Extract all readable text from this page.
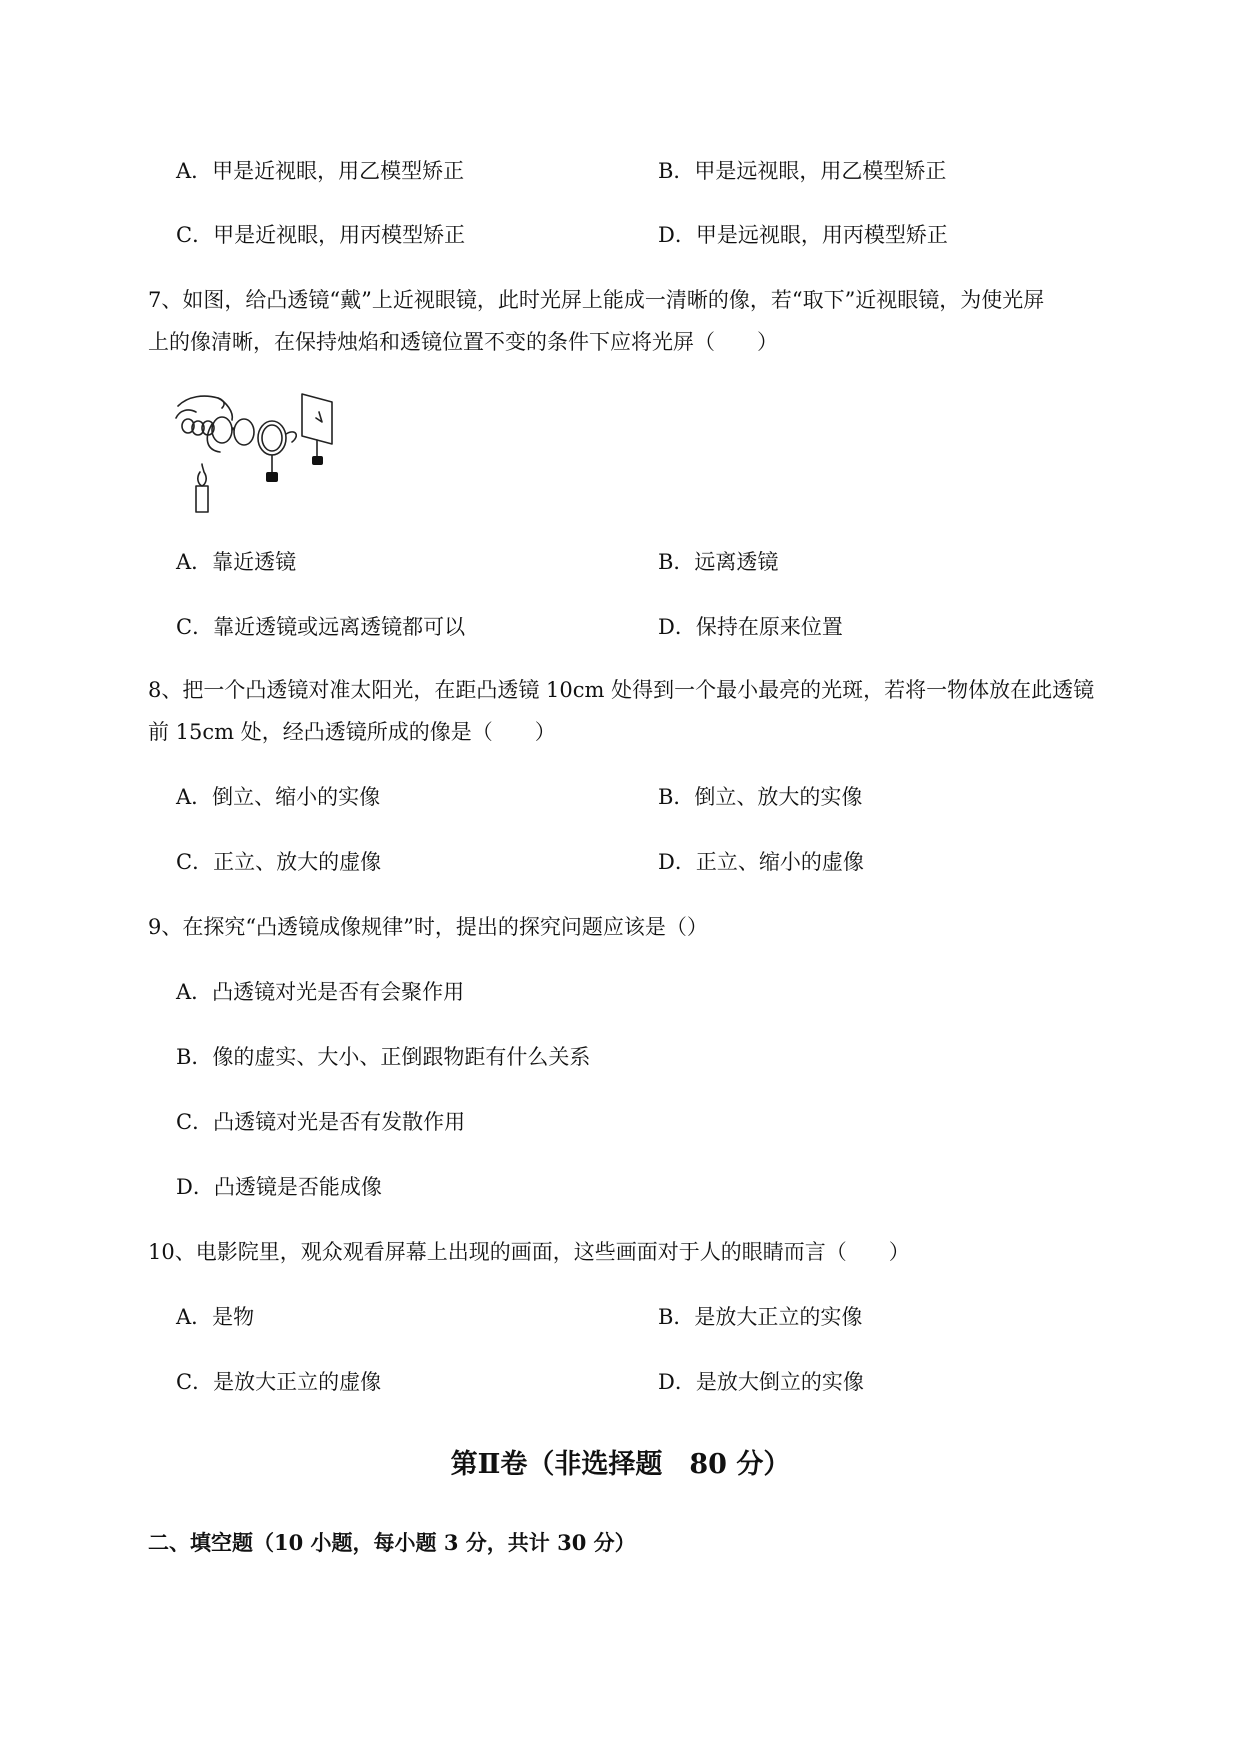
A．甲是近视眼，用乙模型矫正	B．甲是远视眼，用乙模型矫正
C．甲是近视眼，用丙模型矫正	D．甲是远视眼，用丙模型矫正
7、如图，给凸透镜“戴”上近视眼镜，此时光屏上能成一清晰的像，若“取下”近视眼镜，为使光屏
上的像清晰，在保持烛焰和透镜位置不变的条件下应将光屏（　　）
A．靠近透镜	B．远离透镜
C．靠近透镜或远离透镜都可以	D．保持在原来位置
8、把一个凸透镜对准太阳光，在距凸透镜 10cm 处得到一个最小最亮的光斑，若将一物体放在此透镜
前 15cm 处，经凸透镜所成的像是（　　）
A．倒立、缩小的实像	B．倒立、放大的实像
C．正立、放大的虚像	D．正立、缩小的虚像
9、在探究“凸透镜成像规律”时，提出的探究问题应该是（）
A．凸透镜对光是否有会聚作用
B．像的虚实、大小、正倒跟物距有什么关系
C．凸透镜对光是否有发散作用
D．凸透镜是否能成像
10、电影院里，观众观看屏幕上出现的画面，这些画面对于人的眼睛而言（　　）
A．是物	B．是放大正立的实像
C．是放大正立的虚像	D．是放大倒立的实像
第Ⅱ卷（非选择题　80 分）
二、填空题（10 小题，每小题 3 分，共计 30 分）
